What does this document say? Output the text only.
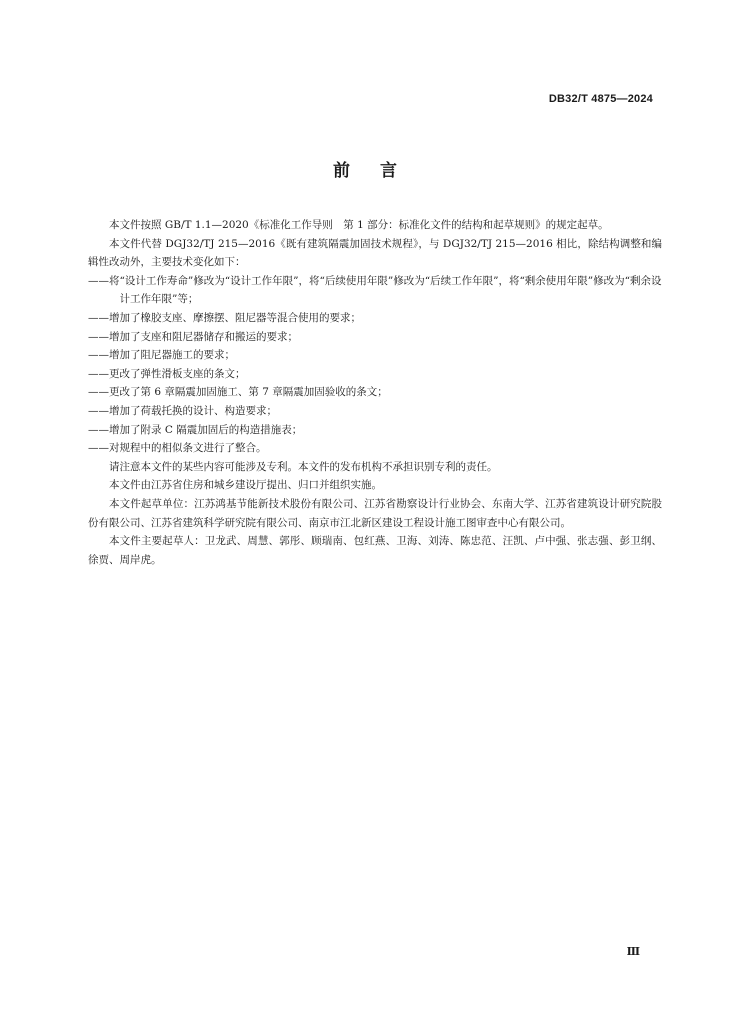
DB32/T 4875—2024
前言

本文件按照 GB/T 1.1—2020《标准化工作导则　第 1 部分：标准化文件的结构和起草规则》的规定起草。

本文件代替 DGJ32/TJ 215—2016《既有建筑隔震加固技术规程》，与 DGJ32/TJ 215—2016 相比，除结构调整和编辑性改动外，主要技术变化如下：

——将“设计工作寿命”修改为“设计工作年限”，将“后续使用年限”修改为“后续工作年限”，将“剩余使用年限”修改为“剩余设计工作年限”等；

——增加了橡胶支座、摩擦摆、阻尼器等混合使用的要求；

——增加了支座和阻尼器储存和搬运的要求；

——增加了阻尼器施工的要求；

——更改了弹性滑板支座的条文；

——更改了第 6 章隔震加固施工、第 7 章隔震加固验收的条文；

——增加了荷载托换的设计、构造要求；

——增加了附录 C 隔震加固后的构造措施表；

——对规程中的相似条文进行了整合。

请注意本文件的某些内容可能涉及专利。本文件的发布机构不承担识别专利的责任。

本文件由江苏省住房和城乡建设厅提出、归口并组织实施。

本文件起草单位：江苏鸿基节能新技术股份有限公司、江苏省勘察设计行业协会、东南大学、江苏省建筑设计研究院股份有限公司、江苏省建筑科学研究院有限公司、南京市江北新区建设工程设计施工图审查中心有限公司。

本文件主要起草人：卫龙武、周慧、郭彤、顾瑞南、包红燕、卫海、刘涛、陈忠范、汪凯、卢中强、张志强、彭卫纲、徐贾、周岸虎。

Ⅲ
